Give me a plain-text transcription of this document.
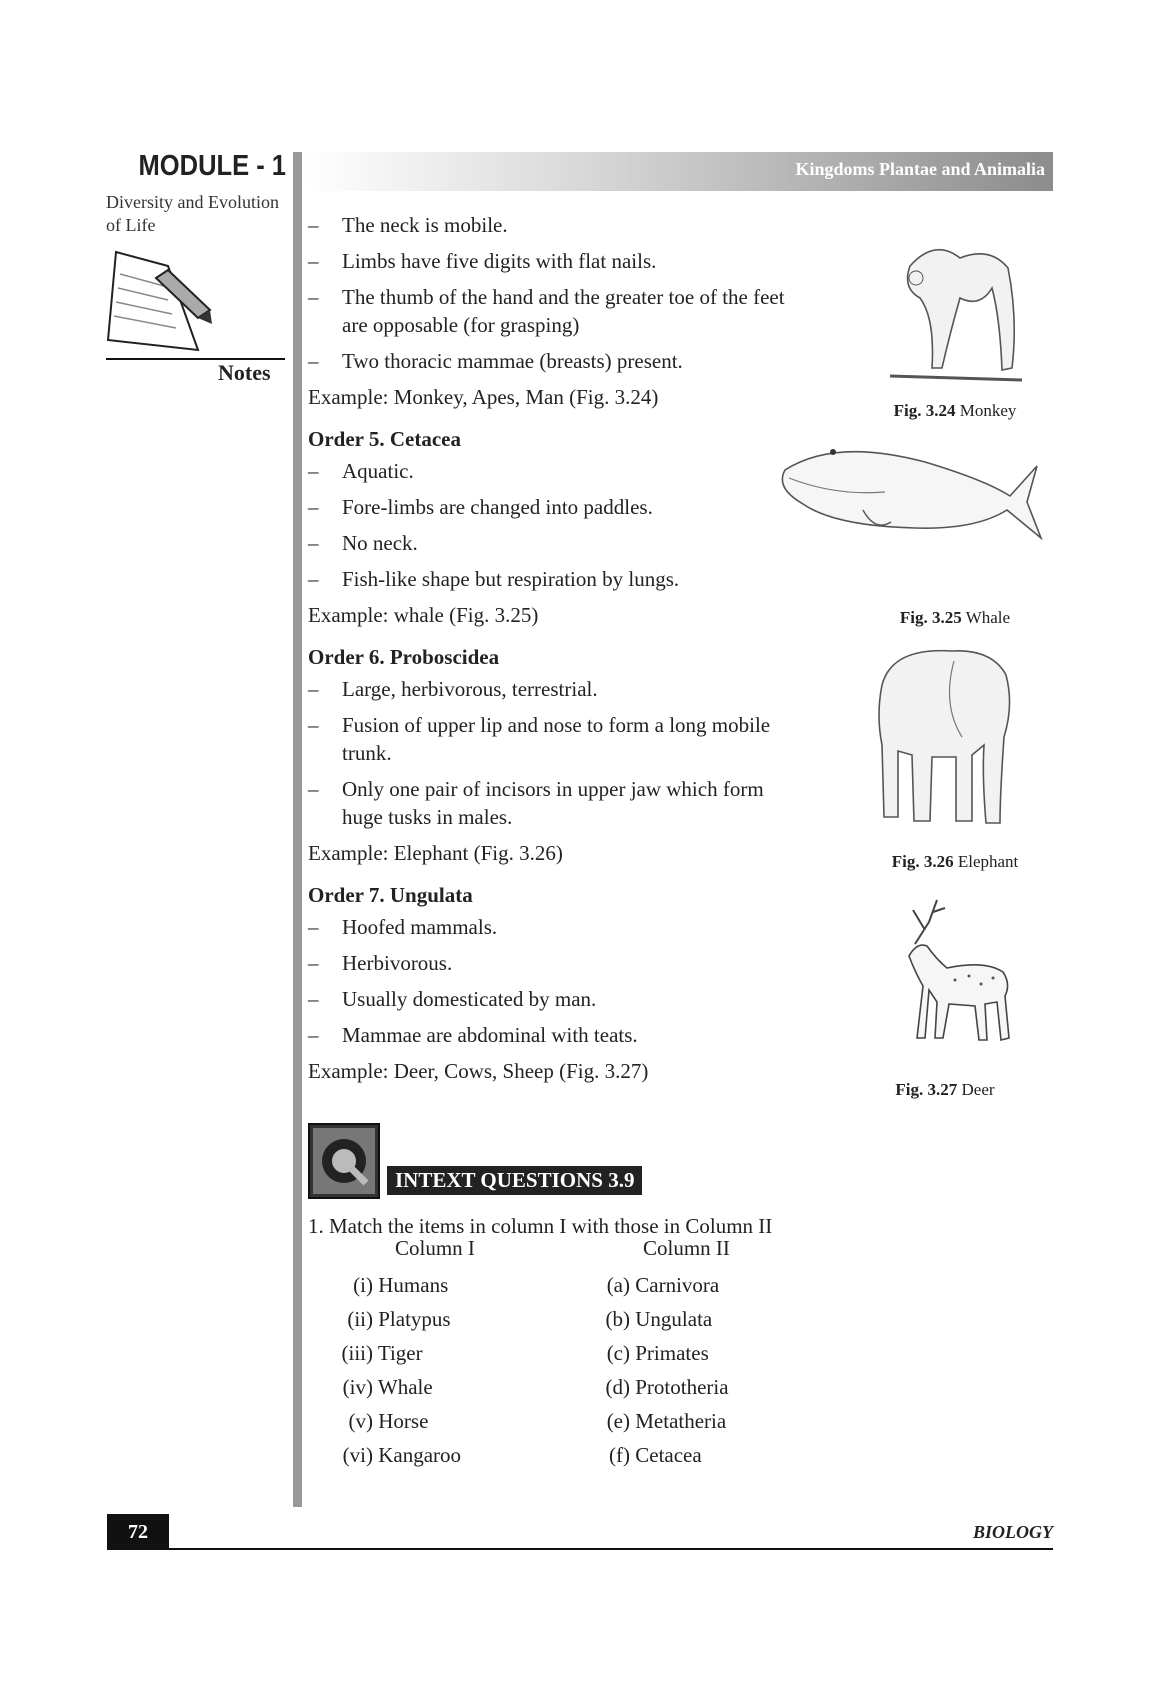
MODULE - 1
Diversity and Evolution
of Life
Notes
Kingdoms Plantae and Animalia
– The neck is mobile.
– Limbs have five digits with flat nails.
– The thumb of the hand and the greater toe of the feet are opposable (for grasping)
– Two thoracic mammae (breasts) present.
Example: Monkey, Apes, Man (Fig. 3.24)
Order 5. Cetacea
– Aquatic.
– Fore-limbs are changed into paddles.
– No neck.
– Fish-like shape but respiration by lungs.
Example: whale (Fig. 3.25)
Order 6. Proboscidea
– Large, herbivorous, terrestrial.
– Fusion of upper lip and nose to form a long mobile trunk.
– Only one pair of incisors in upper jaw which form huge tusks in males.
Example: Elephant (Fig. 3.26)
Order 7. Ungulata
– Hoofed mammals.
– Herbivorous.
– Usually domesticated by man.
– Mammae are abdominal with teats.
Example: Deer, Cows, Sheep (Fig. 3.27)
Fig. 3.24 Monkey
Fig. 3.25 Whale
Fig. 3.26 Elephant
Fig. 3.27 Deer
INTEXT QUESTIONS 3.9
1. Match the items in column I with those in Column II
Column I	Column II
(i) Humans
(ii) Platypus
(iii) Tiger
(iv) Whale
(v) Horse
(vi) Kangaroo
(a) Carnivora
(b) Ungulata
(c) Primates
(d) Prototheria
(e) Metatheria
(f) Cetacea
72	BIOLOGY
